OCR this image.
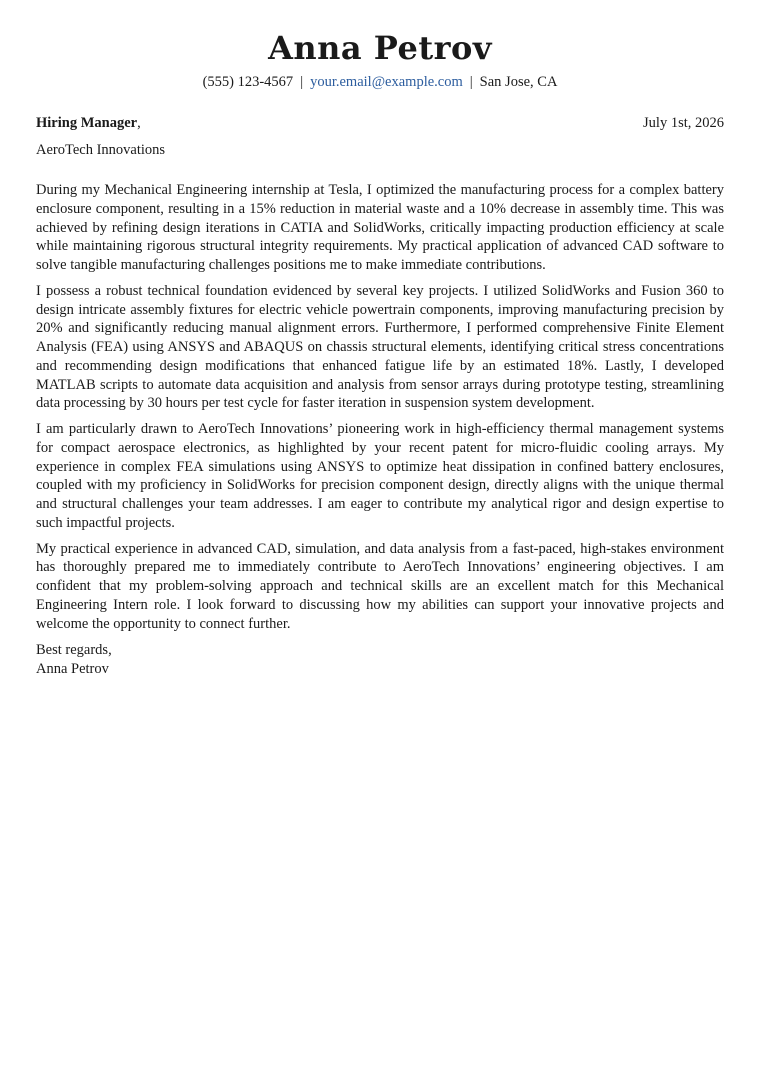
Anna Petrov
(555) 123-4567 | your.email@example.com | San Jose, CA
Hiring Manager,	July 1st, 2026
AeroTech Innovations

During my Mechanical Engineering internship at Tesla, I optimized the manufacturing process for a complex battery enclosure component, resulting in a 15% reduction in material waste and a 10% decrease in assembly time. This was achieved by refining design iterations in CATIA and SolidWorks, critically impacting production efficiency at scale while maintaining rigorous structural integrity requirements. My practical application of advanced CAD software to solve tangible manufacturing challenges positions me to make immediate contributions.

I possess a robust technical foundation evidenced by several key projects. I utilized SolidWorks and Fusion 360 to design intricate assembly fixtures for electric vehicle powertrain components, improving manufacturing precision by 20% and significantly reducing manual alignment errors. Furthermore, I performed comprehensive Finite Element Analysis (FEA) using ANSYS and ABAQUS on chassis structural elements, identifying critical stress concentrations and recommending design modifications that enhanced fatigue life by an estimated 18%. Lastly, I developed MATLAB scripts to automate data acquisition and analysis from sensor arrays during prototype testing, streamlining data processing by 30 hours per test cycle for faster iteration in suspension system development.

I am particularly drawn to AeroTech Innovations’ pioneering work in high-efficiency thermal management systems for compact aerospace electronics, as highlighted by your recent patent for micro-fluidic cooling arrays. My experience in complex FEA simulations using ANSYS to optimize heat dissipation in confined battery enclosures, coupled with my proficiency in SolidWorks for precision component design, directly aligns with the unique thermal and structural challenges your team addresses. I am eager to contribute my analytical rigor and design expertise to such impactful projects.

My practical experience in advanced CAD, simulation, and data analysis from a fast-paced, high-stakes environment has thoroughly prepared me to immediately contribute to AeroTech Innovations’ engineering objectives. I am confident that my problem-solving approach and technical skills are an excellent match for this Mechanical Engineering Intern role. I look forward to discussing how my abilities can support your innovative projects and welcome the opportunity to connect further.

Best regards,
Anna Petrov
